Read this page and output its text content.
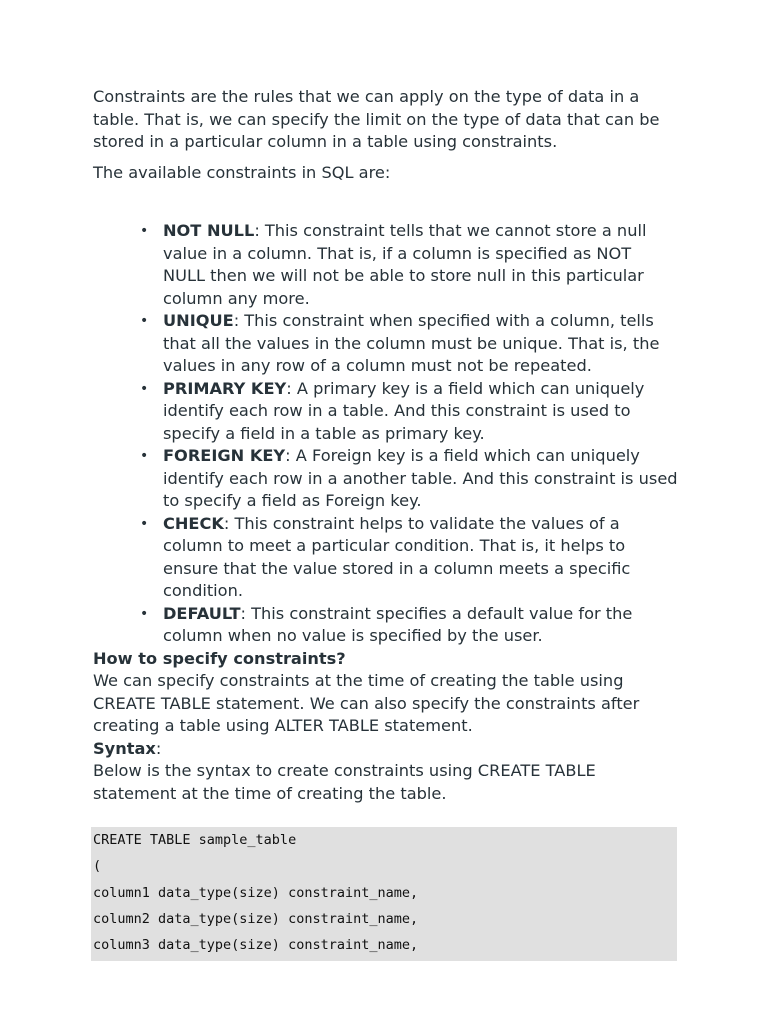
Constraints are the rules that we can apply on the type of data in a table. That is, we can specify the limit on the type of data that can be stored in a particular column in a table using constraints.

The available constraints in SQL are:

• NOT NULL: This constraint tells that we cannot store a null value in a column. That is, if a column is specified as NOT NULL then we will not be able to store null in this particular column any more.
• UNIQUE: This constraint when specified with a column, tells that all the values in the column must be unique. That is, the values in any row of a column must not be repeated.
• PRIMARY KEY: A primary key is a field which can uniquely identify each row in a table. And this constraint is used to specify a field in a table as primary key.
• FOREIGN KEY: A Foreign key is a field which can uniquely identify each row in a another table. And this constraint is used to specify a field as Foreign key.
• CHECK: This constraint helps to validate the values of a column to meet a particular condition. That is, it helps to ensure that the value stored in a column meets a specific condition.
• DEFAULT: This constraint specifies a default value for the column when no value is specified by the user.

How to specify constraints?

We can specify constraints at the time of creating the table using CREATE TABLE statement. We can also specify the constraints after creating a table using ALTER TABLE statement.

Syntax:

Below is the syntax to create constraints using CREATE TABLE statement at the time of creating the table.

CREATE TABLE sample_table
(
column1 data_type(size) constraint_name,
column2 data_type(size) constraint_name,
column3 data_type(size) constraint_name,
